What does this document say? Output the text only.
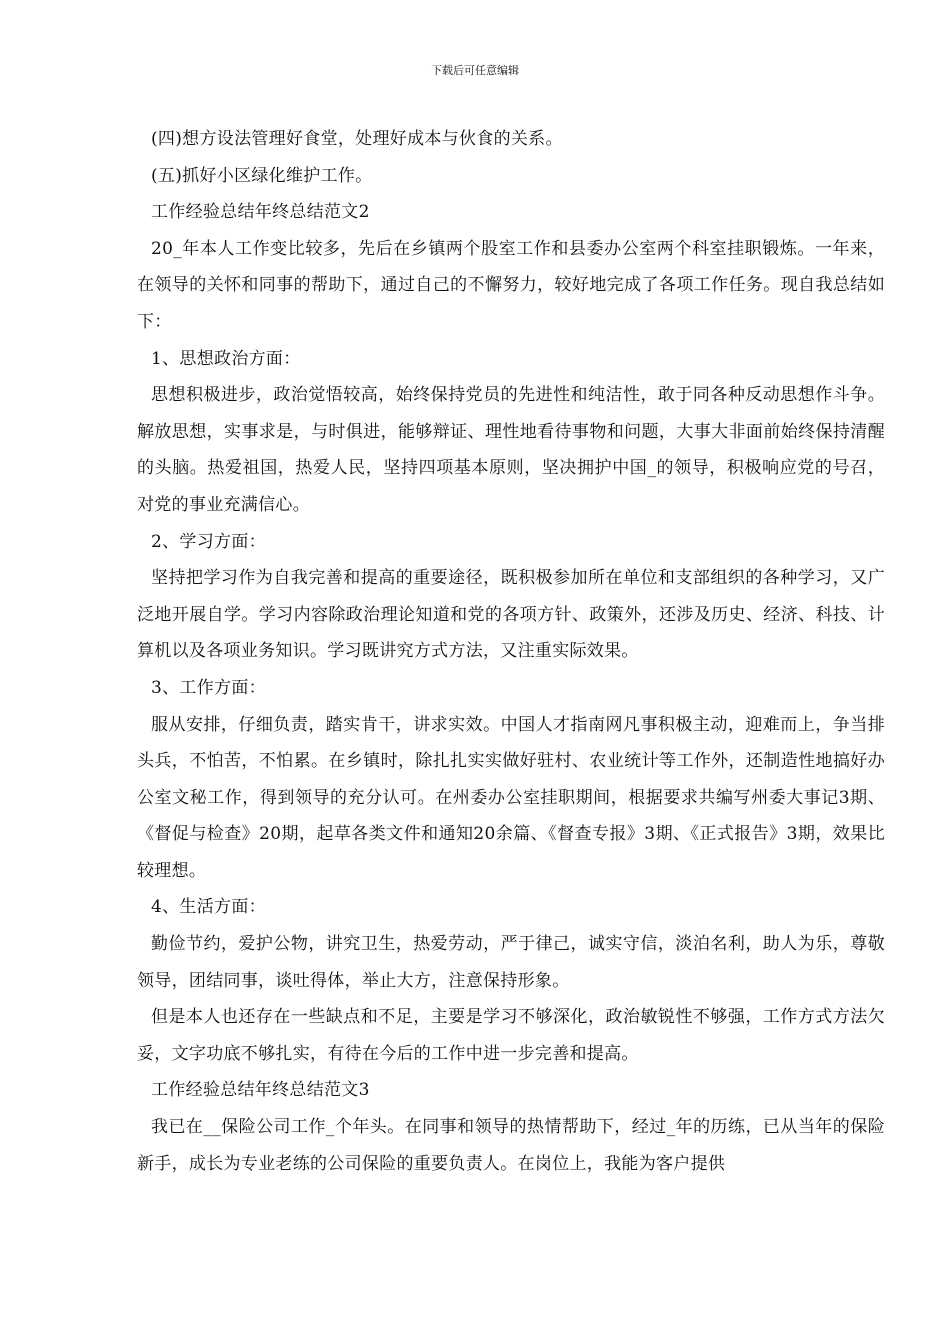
下载后可任意编辑

(四)想方设法管理好食堂，处理好成本与伙食的关系。

(五)抓好小区绿化维护工作。

工作经验总结年终总结范文2

20_年本人工作变比较多，先后在乡镇两个股室工作和县委办公室两个科室挂职锻炼。一年来，在领导的关怀和同事的帮助下，通过自己的不懈努力，较好地完成了各项工作任务。现自我总结如下：

1、思想政治方面：

思想积极进步，政治觉悟较高，始终保持党员的先进性和纯洁性，敢于同各种反动思想作斗争。解放思想，实事求是，与时俱进，能够辩证、理性地看待事物和问题，大事大非面前始终保持清醒的头脑。热爱祖国，热爱人民，坚持四项基本原则，坚决拥护中国_的领导，积极响应党的号召，对党的事业充满信心。

2、学习方面：

坚持把学习作为自我完善和提高的重要途径，既积极参加所在单位和支部组织的各种学习，又广泛地开展自学。学习内容除政治理论知道和党的各项方针、政策外，还涉及历史、经济、科技、计算机以及各项业务知识。学习既讲究方式方法，又注重实际效果。

3、工作方面：

服从安排，仔细负责，踏实肯干，讲求实效。中国人才指南网凡事积极主动，迎难而上，争当排头兵，不怕苦，不怕累。在乡镇时，除扎扎实实做好驻村、农业统计等工作外，还制造性地搞好办公室文秘工作，得到领导的充分认可。在州委办公室挂职期间，根据要求共编写州委大事记3期、《督促与检查》20期，起草各类文件和通知20余篇、《督查专报》3期、《正式报告》3期，效果比较理想。

4、生活方面：

勤俭节约，爱护公物，讲究卫生，热爱劳动，严于律己，诚实守信，淡泊名利，助人为乐，尊敬领导，团结同事，谈吐得体，举止大方，注意保持形象。

但是本人也还存在一些缺点和不足，主要是学习不够深化，政治敏锐性不够强，工作方式方法欠妥，文字功底不够扎实，有待在今后的工作中进一步完善和提高。

工作经验总结年终总结范文3

我已在__保险公司工作_个年头。在同事和领导的热情帮助下，经过_年的历练，已从当年的保险新手，成长为专业老练的公司保险的重要负责人。在岗位上，我能为客户提供
